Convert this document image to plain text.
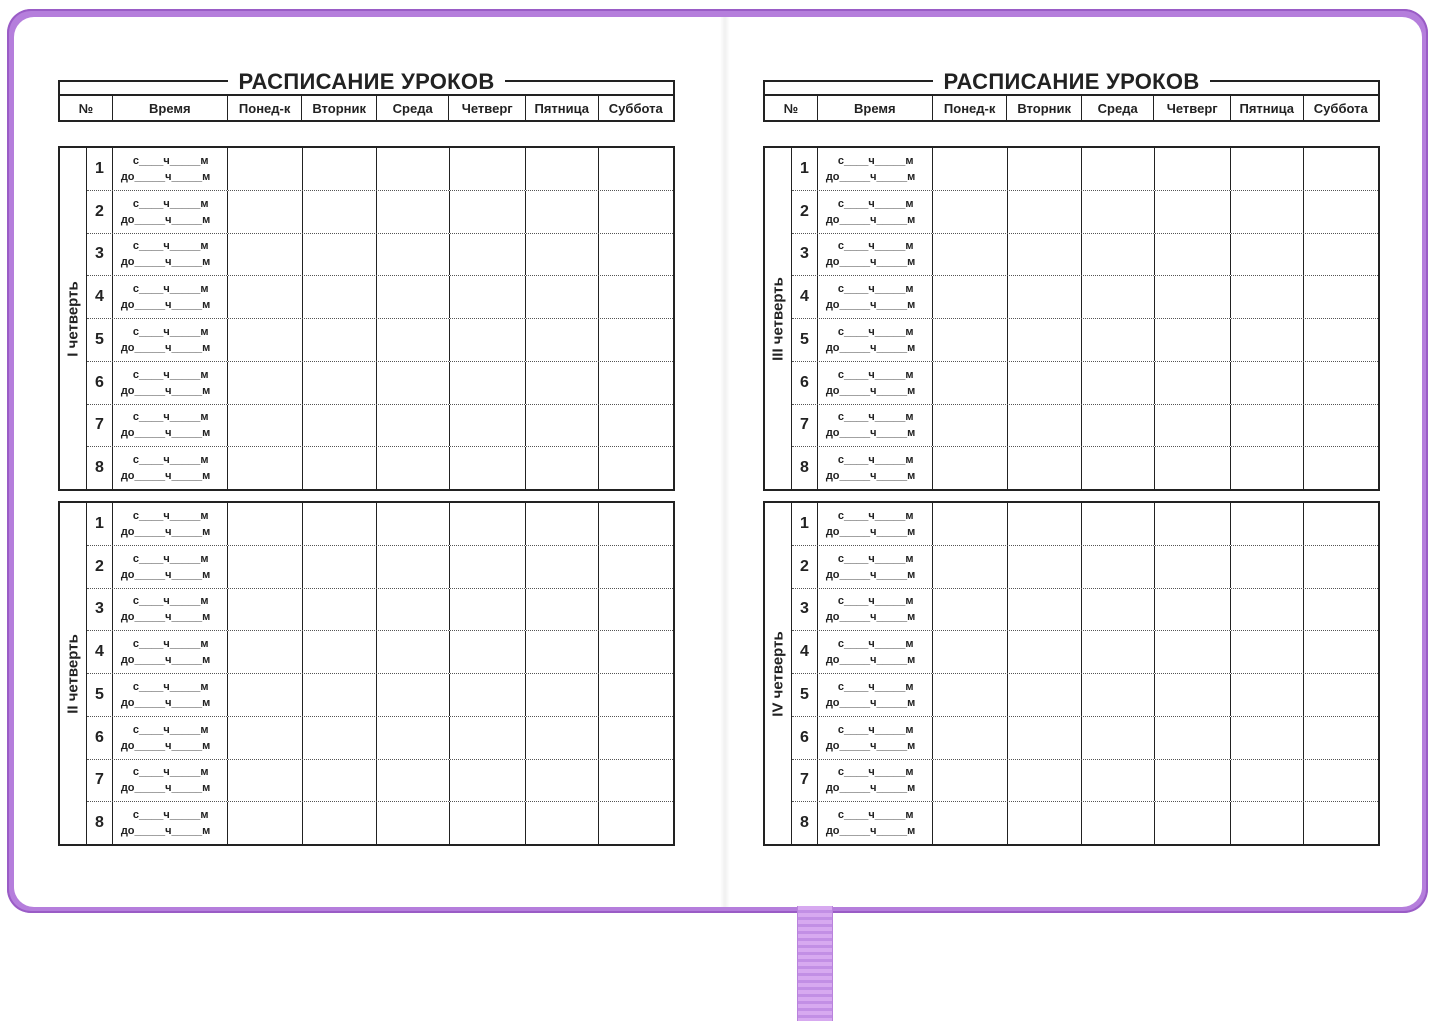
РАСПИСАНИЕ УРОКОВ
№	Время	Понед-к	Вторник	Среда	Четверг	Пятница	Суббота
I четверть
1	с____ч_____м
до_____ч_____м
2	с____ч_____м
до_____ч_____м
3	с____ч_____м
до_____ч_____м
4	с____ч_____м
до_____ч_____м
5	с____ч_____м
до_____ч_____м
6	с____ч_____м
до_____ч_____м
7	с____ч_____м
до_____ч_____м
8	с____ч_____м
до_____ч_____м
II четверть
1	с____ч_____м
до_____ч_____м
2	с____ч_____м
до_____ч_____м
3	с____ч_____м
до_____ч_____м
4	с____ч_____м
до_____ч_____м
5	с____ч_____м
до_____ч_____м
6	с____ч_____м
до_____ч_____м
7	с____ч_____м
до_____ч_____м
8	с____ч_____м
до_____ч_____м
РАСПИСАНИЕ УРОКОВ
№	Время	Понед-к	Вторник	Среда	Четверг	Пятница	Суббота
III четверть
1	с____ч_____м
до_____ч_____м
2	с____ч_____м
до_____ч_____м
3	с____ч_____м
до_____ч_____м
4	с____ч_____м
до_____ч_____м
5	с____ч_____м
до_____ч_____м
6	с____ч_____м
до_____ч_____м
7	с____ч_____м
до_____ч_____м
8	с____ч_____м
до_____ч_____м
IV четверть
1	с____ч_____м
до_____ч_____м
2	с____ч_____м
до_____ч_____м
3	с____ч_____м
до_____ч_____м
4	с____ч_____м
до_____ч_____м
5	с____ч_____м
до_____ч_____м
6	с____ч_____м
до_____ч_____м
7	с____ч_____м
до_____ч_____м
8	с____ч_____м
до_____ч_____м
